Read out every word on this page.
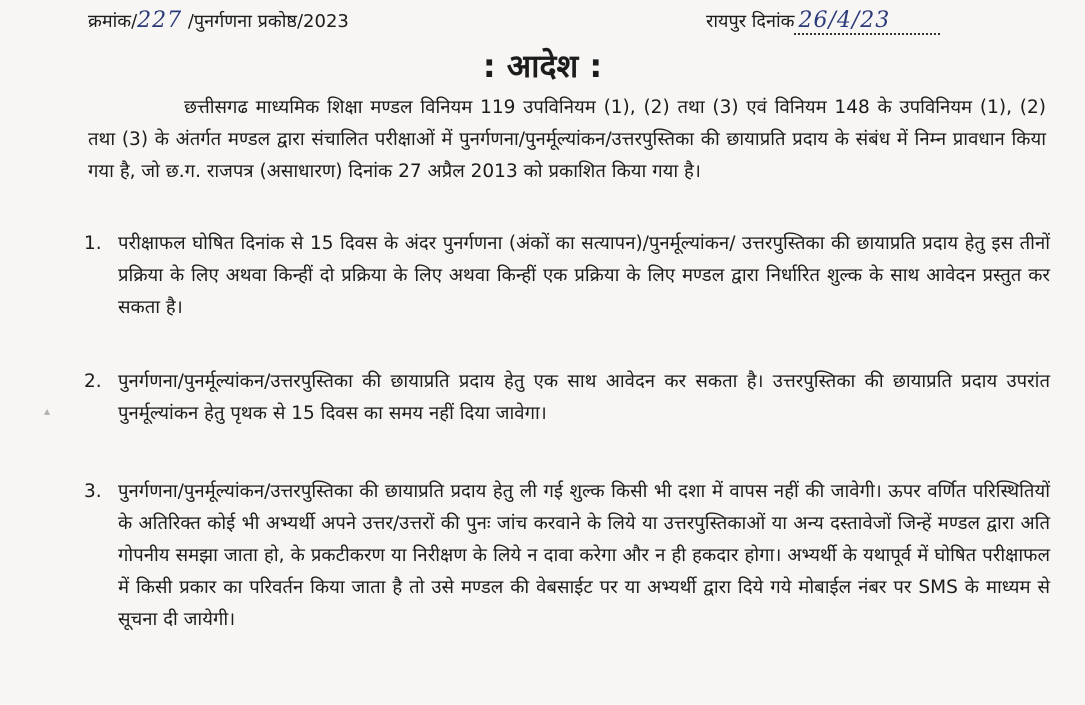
क्रमांक/227 /पुनर्गणना प्रकोष्ठ/2023	रायपुर दिनांक 26/4/23
: आदेश :
छत्तीसगढ माध्यमिक शिक्षा मण्डल विनियम 119 उपविनियम (1), (2) तथा (3) एवं विनियम 148 के उपविनियम (1), (2) तथा (3) के अंतर्गत मण्डल द्वारा संचालित परीक्षाओं में पुनर्गणना/पुनर्मूल्यांकन/उत्तरपुस्तिका की छायाप्रति प्रदाय के संबंध में निम्न प्रावधान किया गया है, जो छ.ग. राजपत्र (असाधारण) दिनांक 27 अप्रैल 2013 को प्रकाशित किया गया है।
1. परीक्षाफल घोषित दिनांक से 15 दिवस के अंदर पुनर्गणना (अंकों का सत्यापन)/पुनर्मूल्यांकन/ उत्तरपुस्तिका की छायाप्रति प्रदाय हेतु इस तीनों प्रक्रिया के लिए अथवा किन्हीं दो प्रक्रिया के लिए अथवा किन्हीं एक प्रक्रिया के लिए मण्डल द्वारा निर्धारित शुल्क के साथ आवेदन प्रस्तुत कर सकता है।
2. पुनर्गणना/पुनर्मूल्यांकन/उत्तरपुस्तिका की छायाप्रति प्रदाय हेतु एक साथ आवेदन कर सकता है। उत्तरपुस्तिका की छायाप्रति प्रदाय उपरांत पुनर्मूल्यांकन हेतु पृथक से 15 दिवस का समय नहीं दिया जावेगा।
3. पुनर्गणना/पुनर्मूल्यांकन/उत्तरपुस्तिका की छायाप्रति प्रदाय हेतु ली गई शुल्क किसी भी दशा में वापस नहीं की जावेगी। ऊपर वर्णित परिस्थितियों के अतिरिक्त कोई भी अभ्यर्थी अपने उत्तर/उत्तरों की पुनः जांच करवाने के लिये या उत्तरपुस्तिकाओं या अन्य दस्तावेजों जिन्हें मण्डल द्वारा अति गोपनीय समझा जाता हो, के प्रकटीकरण या निरीक्षण के लिये न दावा करेगा और न ही हकदार होगा। अभ्यर्थी के यथापूर्व में घोषित परीक्षाफल में किसी प्रकार का परिवर्तन किया जाता है तो उसे मण्डल की वेबसाईट पर या अभ्यर्थी द्वारा दिये गये मोबाईल नंबर पर SMS के माध्यम से सूचना दी जायेगी।
▴
